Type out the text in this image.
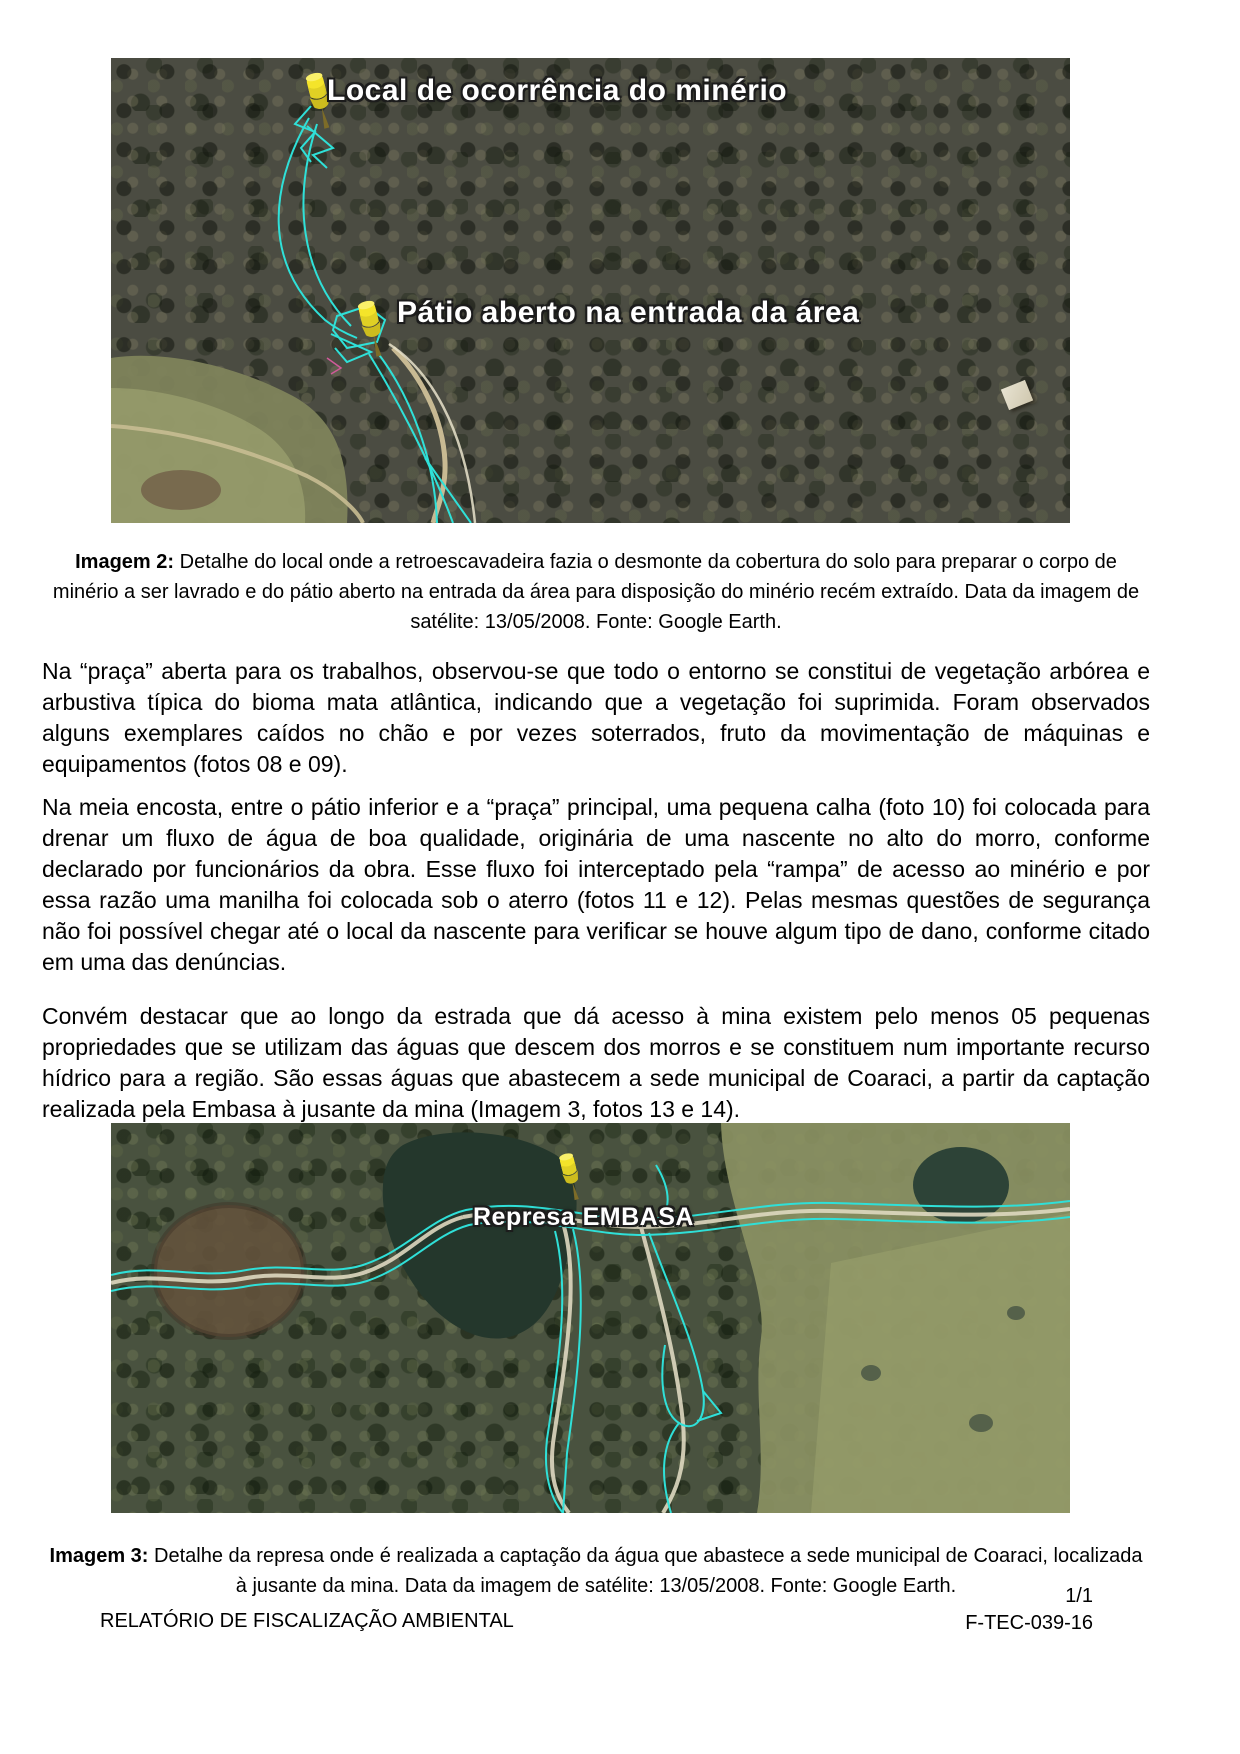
Local de ocorrência do minério
Pátio aberto na entrada da área

Imagem 2: Detalhe do local onde a retroescavadeira fazia o desmonte da cobertura do solo para preparar o corpo de minério a ser lavrado e do pátio aberto na entrada da área para disposição do minério recém extraído. Data da imagem de satélite: 13/05/2008. Fonte: Google Earth.

Na “praça” aberta para os trabalhos, observou-se que todo o entorno se constitui de vegetação arbórea e arbustiva típica do bioma mata atlântica, indicando que a vegetação foi suprimida. Foram observados alguns exemplares caídos no chão e por vezes soterrados, fruto da movimentação de máquinas e equipamentos (fotos 08 e 09).

Na meia encosta, entre o pátio inferior e a “praça” principal, uma pequena calha (foto 10) foi colocada para drenar um fluxo de água de boa qualidade, originária de uma nascente no alto do morro, conforme declarado por funcionários da obra. Esse fluxo foi interceptado pela “rampa” de acesso ao minério e por essa razão uma manilha foi colocada sob o aterro (fotos 11 e 12). Pelas mesmas questões de segurança não foi possível chegar até o local da nascente para verificar se houve algum tipo de dano, conforme citado em uma das denúncias.

Convém destacar que ao longo da estrada que dá acesso à mina existem pelo menos 05 pequenas propriedades que se utilizam das águas que descem dos morros e se constituem num importante recurso hídrico para a região. São essas águas que abastecem a sede municipal de Coaraci, a partir da captação realizada pela Embasa à jusante da mina (Imagem 3, fotos 13 e 14).

Represa EMBASA

Imagem 3: Detalhe da represa onde é realizada a captação da água que abastece a sede municipal de Coaraci, localizada à jusante da mina. Data da imagem de satélite: 13/05/2008. Fonte: Google Earth.

RELATÓRIO DE FISCALIZAÇÃO AMBIENTAL
1/1
F-TEC-039-16
